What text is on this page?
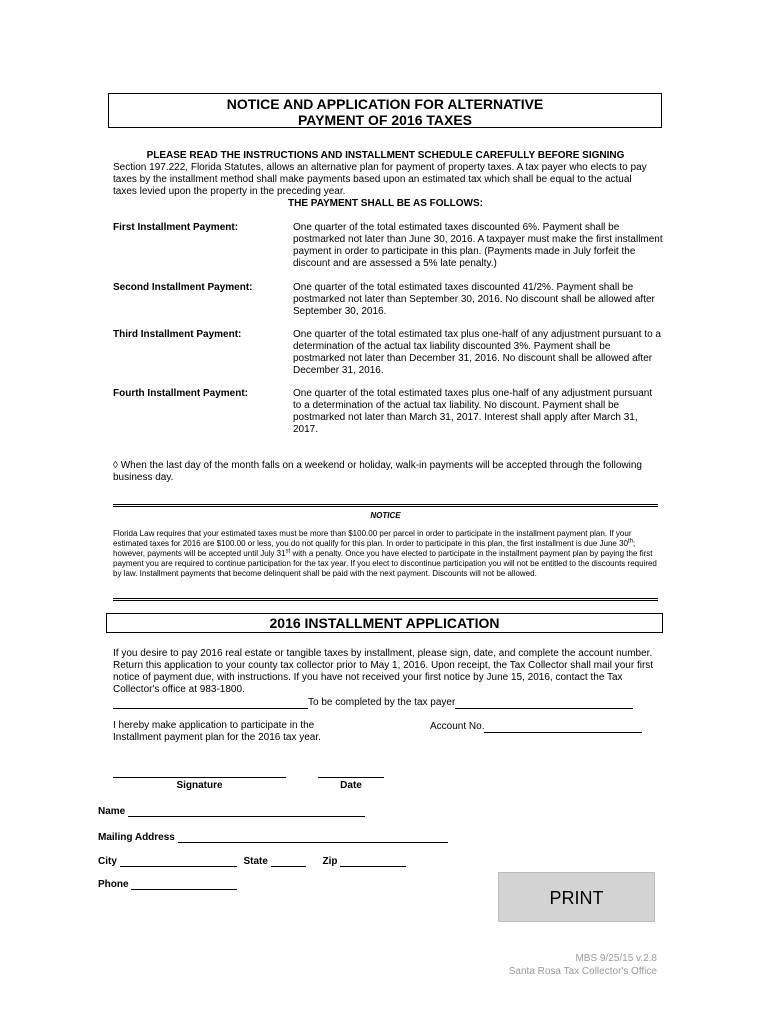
NOTICE AND APPLICATION FOR ALTERNATIVE
PAYMENT OF 2016 TAXES
PLEASE READ THE INSTRUCTIONS AND INSTALLMENT SCHEDULE CAREFULLY BEFORE SIGNING
Section 197.222, Florida Statutes, allows an alternative plan for payment of property taxes. A tax payer who elects to pay taxes by the installment method shall make payments based upon an estimated tax which shall be equal to the actual taxes levied upon the property in the preceding year.
THE PAYMENT SHALL BE AS FOLLOWS:
First Installment Payment:	One quarter of the total estimated taxes discounted 6%. Payment shall be postmarked not later than June 30, 2016. A taxpayer must make the first installment payment in order to participate in this plan. (Payments made in July forfeit the discount and are assessed a 5% late penalty.)
Second Installment Payment:	One quarter of the total estimated taxes discounted 41/2%. Payment shall be postmarked not later than September 30, 2016. No discount shall be allowed after September 30, 2016.
Third Installment Payment:	One quarter of the total estimated tax plus one-half of any adjustment pursuant to a determination of the actual tax liability discounted 3%. Payment shall be postmarked not later than December 31, 2016. No discount shall be allowed after December 31, 2016.
Fourth Installment Payment:	One quarter of the total estimated taxes plus one-half of any adjustment pursuant to a determination of the actual tax liability. No discount. Payment shall be postmarked not later than March 31, 2017. Interest shall apply after March 31, 2017.
◊ When the last day of the month falls on a weekend or holiday, walk-in payments will be accepted through the following business day.
NOTICE
Florida Law requires that your estimated taxes must be more than $100.00 per parcel in order to participate in the installment payment plan. If your estimated taxes for 2016 are $100.00 or less, you do not qualify for this plan. In order to participate in this plan, the first installment is due June 30th; however, payments will be accepted until July 31st with a penalty. Once you have elected to participate in the installment payment plan by paying the first payment you are required to continue participation for the tax year. If you elect to discontinue participation you will not be entitled to the discounts required by law. Installment payments that become delinquent shall be paid with the next payment. Discounts will not be allowed.
2016 INSTALLMENT APPLICATION
If you desire to pay 2016 real estate or tangible taxes by installment, please sign, date, and complete the account number. Return this application to your county tax collector prior to May 1, 2016. Upon receipt, the Tax Collector shall mail your first notice of payment due, with instructions. If you have not received your first notice by June 15, 2016, contact the Tax Collector's office at 983-1800.
To be completed by the tax payer
I hereby make application to participate in the Installment payment plan for the 2016 tax year.
Account No.
Signature	Date
Name
Mailing Address
City	State	Zip
Phone
PRINT
MBS 9/25/15 v.2.8
Santa Rosa Tax Collector's Office
